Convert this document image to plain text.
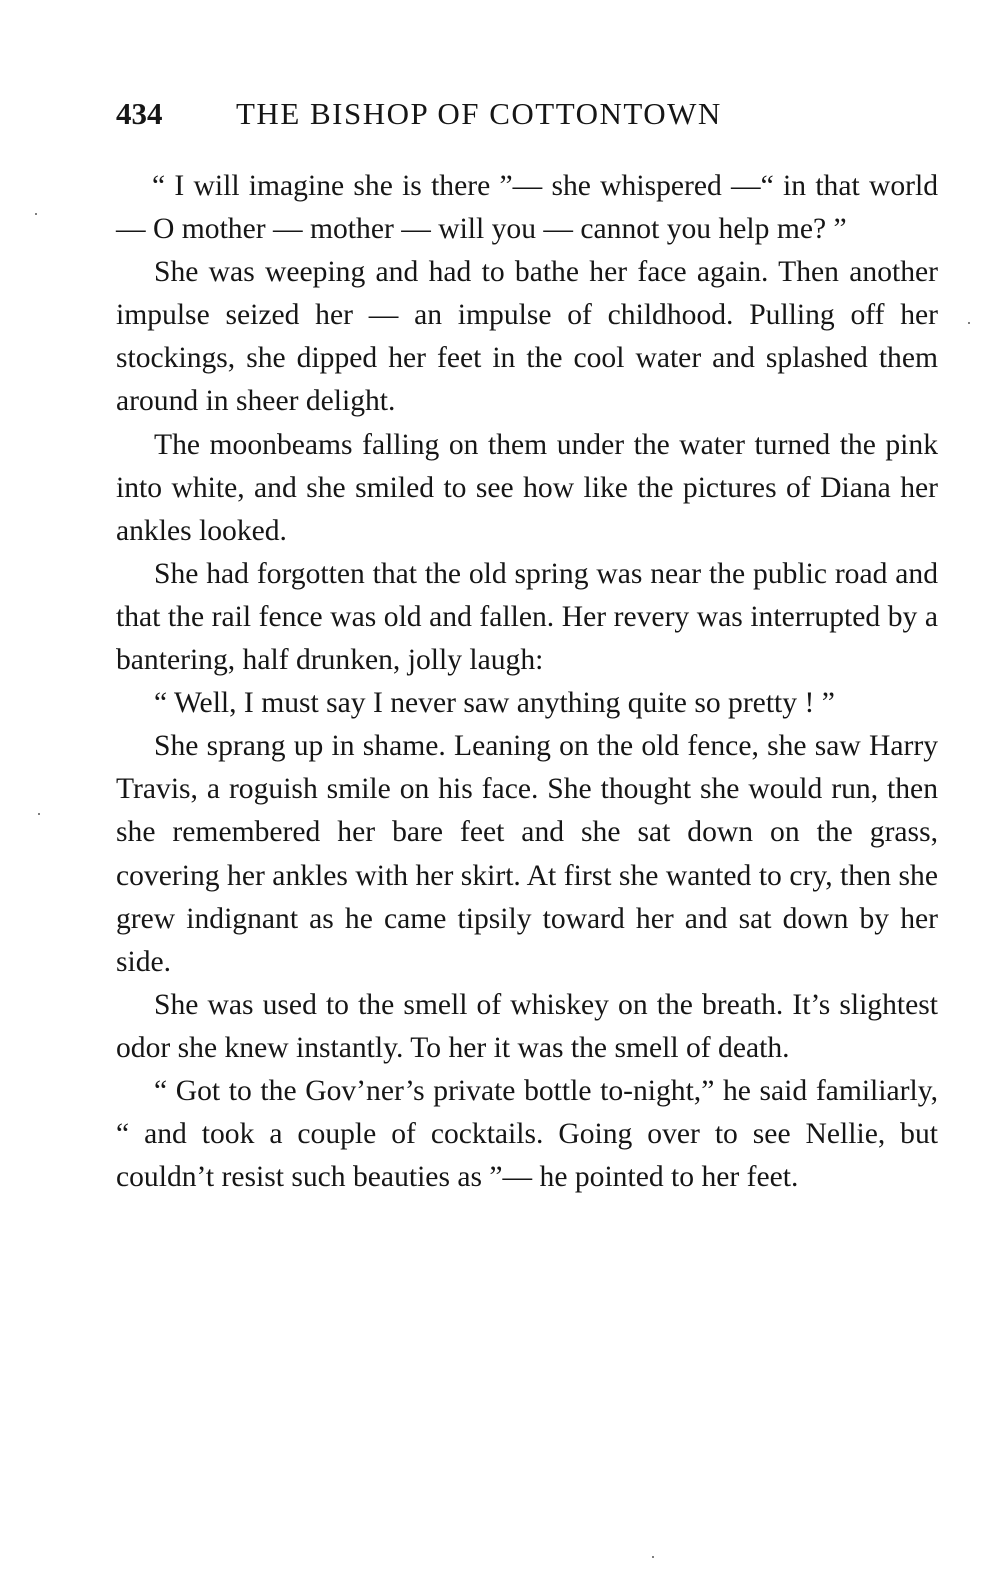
434 THE BISHOP OF COTTONTOWN

“ I will imagine she is there ”— she whispered —“ in that world — O mother — mother — will you — cannot you help me? ”

She was weeping and had to bathe her face again. Then another impulse seized her — an impulse of childhood. Pulling off her stockings, she dipped her feet in the cool water and splashed them around in sheer delight.

The moonbeams falling on them under the water turned the pink into white, and she smiled to see how like the pictures of Diana her ankles looked.

She had forgotten that the old spring was near the public road and that the rail fence was old and fallen. Her revery was interrupted by a bantering, half drunken, jolly laugh:

“ Well, I must say I never saw anything quite so pretty ! ”

She sprang up in shame. Leaning on the old fence, she saw Harry Travis, a roguish smile on his face. She thought she would run, then she remembered her bare feet and she sat down on the grass, covering her ankles with her skirt. At first she wanted to cry, then she grew indignant as he came tipsily toward her and sat down by her side.

She was used to the smell of whiskey on the breath. It’s slightest odor she knew instantly. To her it was the smell of death.

“ Got to the Gov’ner’s private bottle to-night,” he said familiarly, “ and took a couple of cocktails. Going over to see Nellie, but couldn’t resist such beauties as ”— he pointed to her feet.
